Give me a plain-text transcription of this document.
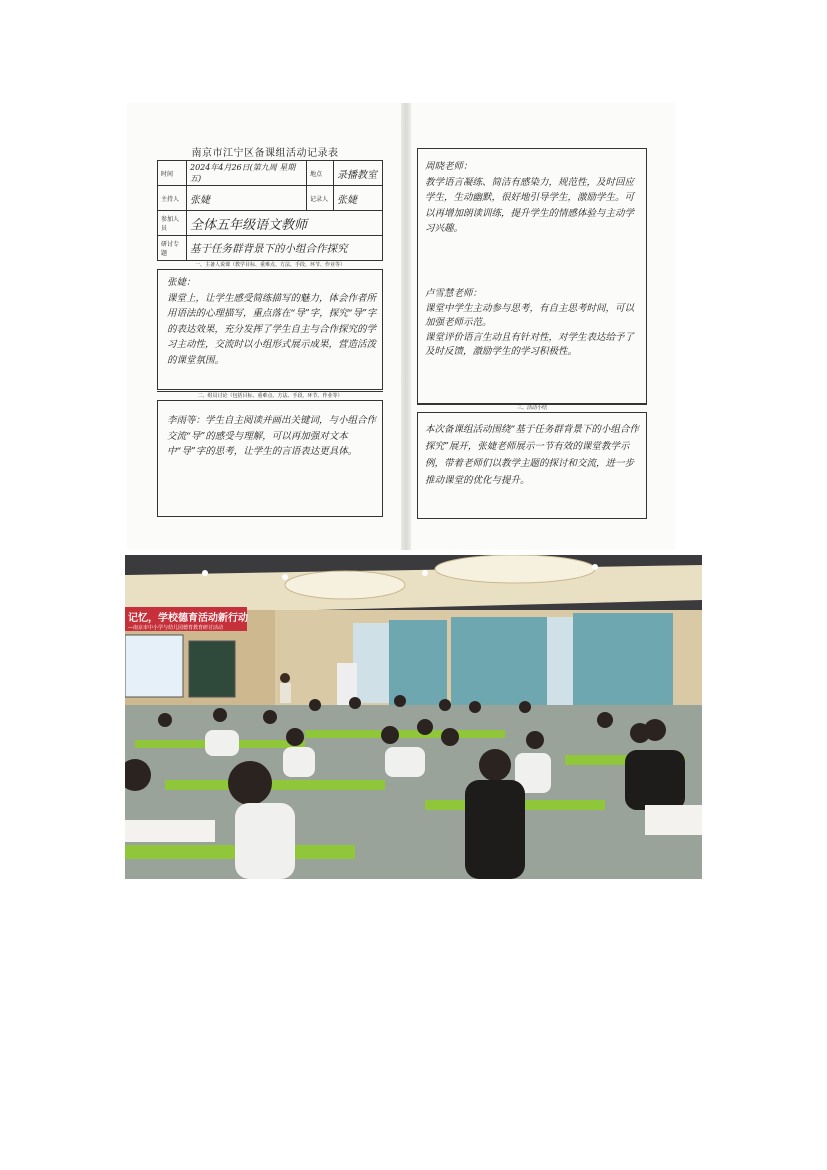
南京市江宁区备课组活动记录表
时间	2024年4月26日(第九周 星期五)	地点	录播教室
主持人	张婕	记录人	张婕
参加人员	全体五年级语文教师		
研讨专题	基于任务群背景下的小组合作探究		
一、主备人说课（教学目标、重难点、方法、手段、环节、作业等）
张婕：
课堂上，让学生感受简练描写的魅力，体会作者所用语法的心理描写，重点落在“导”字，探究“导”字的表达效果，充分发挥了学生自主与合作探究的学习主动性，交流时以小组形式展示成果，营造活泼的课堂氛围。
二、组员讨论（包括目标、重难点、方法、手段、环节、作业等）
李雨等：学生自主阅读并画出关键词，与小组合作交流“导”的感受与理解，可以再加强对文本中“导”字的思考，让学生的言语表达更具体。
周晓老师：
教学语言凝练、简洁有感染力，规范性，及时回应学生，生动幽默，很好地引导学生，激励学生。可以再增加朗读训练，提升学生的情感体验与主动学习兴趣。
卢雪慧老师：
课堂中学生主动参与思考，有自主思考时间，可以加强老师示范。
课堂评价语言生动且有针对性，对学生表达给予了及时反馈，激励学生的学习积极性。
三、活动小结
本次备课组活动围绕“基于任务群背景下的小组合作探究”展开，张婕老师展示一节有效的课堂教学示例，带着老师们以教学主题的探讨和交流，进一步推动课堂的优化与提升。
记忆，学校德育活动新行动
—南京市中小学与幼儿园德育教育研讨活动
